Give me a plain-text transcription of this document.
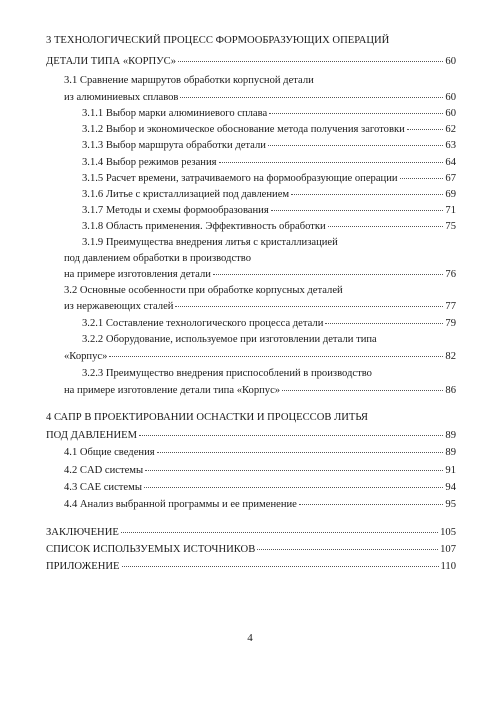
3 ТЕХНОЛОГИЧЕСКИЙ ПРОЦЕСС ФОРМООБРАЗУЮЩИХ ОПЕРАЦИЙ
ДЕТАЛИ ТИПА «КОРПУС»	60
3.1 Сравнение маршрутов обработки корпусной детали
из алюминиевых сплавов	60
3.1.1 Выбор марки алюминиевого сплава	60
3.1.2 Выбор и экономическое обоснование метода получения заготовки	62
3.1.3 Выбор маршрута обработки детали	63
3.1.4 Выбор режимов резания	64
3.1.5 Расчет времени, затрачиваемого на формообразующие операции	67
3.1.6 Литье с кристаллизацией под давлением	69
3.1.7 Методы и схемы формообразования	71
3.1.8 Область применения. Эффективность обработки	75
3.1.9 Преимущества внедрения литья с кристаллизацией
под давлением обработки в производство
на примере изготовления детали	76
3.2 Основные особенности при обработке корпусных деталей
из нержавеющих сталей	77
3.2.1 Составление технологического процесса детали	79
3.2.2 Оборудование, используемое при изготовлении детали типа
«Корпус»	82
3.2.3 Преимущество внедрения приспособлений в производство
на примере изготовление детали типа «Корпус»	86
4 САПР В ПРОЕКТИРОВАНИИ ОСНАСТКИ И ПРОЦЕССОВ ЛИТЬЯ
ПОД ДАВЛЕНИЕМ	89
4.1 Общие сведения	89
4.2 CAD системы	91
4.3 CAE системы	94
4.4 Анализ выбранной программы и ее применение	95
ЗАКЛЮЧЕНИЕ	105
СПИСОК ИСПОЛЬЗУЕМЫХ ИСТОЧНИКОВ	107
ПРИЛОЖЕНИЕ	110
4
